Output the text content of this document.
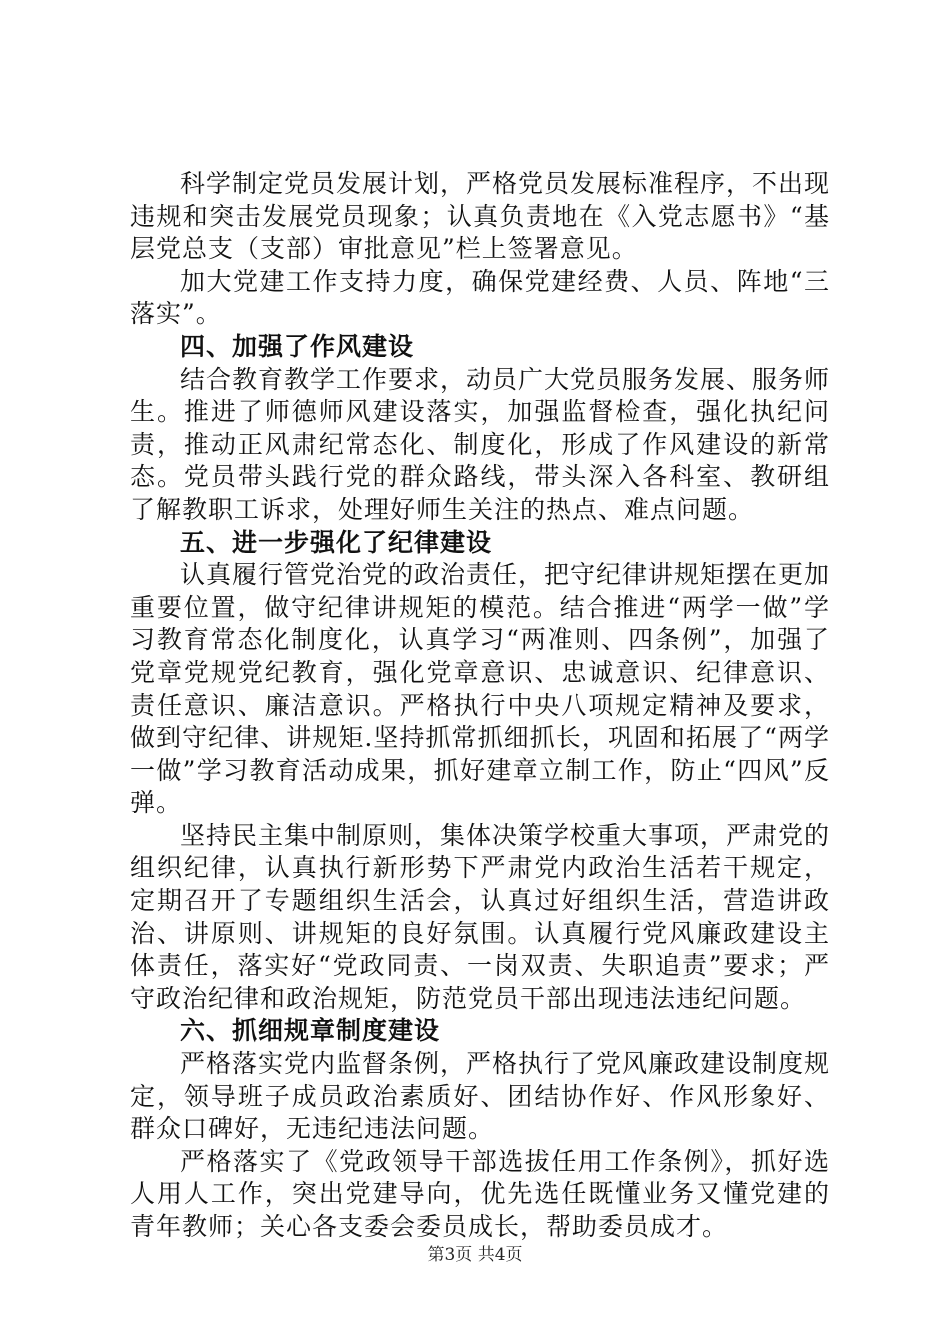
科学制定党员发展计划，严格党员发展标准程序，不出现违规和突击发展党员现象；认真负责地在《入党志愿书》“基层党总支（支部）审批意见”栏上签署意见。

加大党建工作支持力度，确保党建经费、人员、阵地“三落实”。

四、加强了作风建设

结合教育教学工作要求，动员广大党员服务发展、服务师生。推进了师德师风建设落实，加强监督检查，强化执纪问责，推动正风肃纪常态化、制度化，形成了作风建设的新常态。党员带头践行党的群众路线，带头深入各科室、教研组了解教职工诉求，处理好师生关注的热点、难点问题。

五、进一步强化了纪律建设

认真履行管党治党的政治责任，把守纪律讲规矩摆在更加重要位置，做守纪律讲规矩的模范。结合推进“两学一做”学习教育常态化制度化，认真学习“两准则、四条例”，加强了党章党规党纪教育，强化党章意识、忠诚意识、纪律意识、责任意识、廉洁意识。严格执行中央八项规定精神及要求，做到守纪律、讲规矩.坚持抓常抓细抓长，巩固和拓展了“两学一做”学习教育活动成果，抓好建章立制工作，防止“四风”反弹。

坚持民主集中制原则，集体决策学校重大事项，严肃党的组织纪律，认真执行新形势下严肃党内政治生活若干规定，定期召开了专题组织生活会，认真过好组织生活，营造讲政治、讲原则、讲规矩的良好氛围。认真履行党风廉政建设主体责任，落实好“党政同责、一岗双责、失职追责”要求；严守政治纪律和政治规矩，防范党员干部出现违法违纪问题。

六、抓细规章制度建设

严格落实党内监督条例，严格执行了党风廉政建设制度规定，领导班子成员政治素质好、团结协作好、作风形象好、群众口碑好，无违纪违法问题。

严格落实了《党政领导干部选拔任用工作条例》，抓好选人用人工作，突出党建导向，优先选任既懂业务又懂党建的青年教师；关心各支委会委员成长，帮助委员成才。

第3页 共4页
